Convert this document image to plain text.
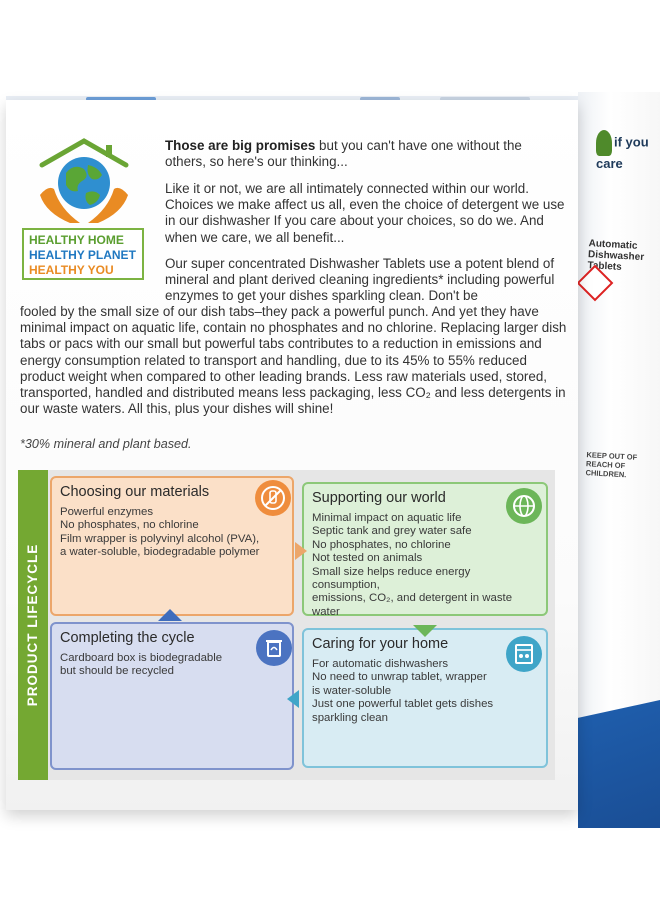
if you care
Automatic Dishwasher Tablets
KEEP OUT OF REACH OF CHILDREN.
HEALTHY HOME
HEALTHY PLANET
HEALTHY YOU
Those are big promises but you can't have one without the others, so here's our thinking...
Like it or not, we are all intimately connected within our world. Choices we make affect us all, even the choice of detergent we use in our dishwasher If you care about your choices, so do we. And when we care, we all benefit...
Our super concentrated Dishwasher Tablets use a potent blend of mineral and plant derived cleaning ingredients* including powerful enzymes to get your dishes sparkling clean. Don't be
fooled by the small size of our dish tabs–they pack a powerful punch. And yet they have minimal impact on aquatic life, contain no phosphates and no chlorine. Replacing larger dish tabs or pacs with our small but powerful tabs contributes to a reduction in emissions and energy consumption related to transport and handling, due to its 45% to 55% reduced product weight when compared to other leading brands. Less raw materials used, stored, transported, handled and distributed means less packaging, less CO₂ and less detergents in our waste waters. All this, plus your dishes will shine!
*30% mineral and plant based.
PRODUCT LIFECYCLE
Choosing our materials
Powerful enzymes
No phosphates, no chlorine
Film wrapper is polyvinyl alcohol (PVA),
a water-soluble, biodegradable polymer
Supporting our world
Minimal impact on aquatic life
Septic tank and grey water safe
No phosphates, no chlorine
Not tested on animals
Small size helps reduce energy consumption,
emissions, CO₂, and detergent in waste water
Completing the cycle
Cardboard box is biodegradable
but should be recycled
Caring for your home
For automatic dishwashers
No need to unwrap tablet, wrapper
is water-soluble
Just one powerful tablet gets dishes
sparkling clean
